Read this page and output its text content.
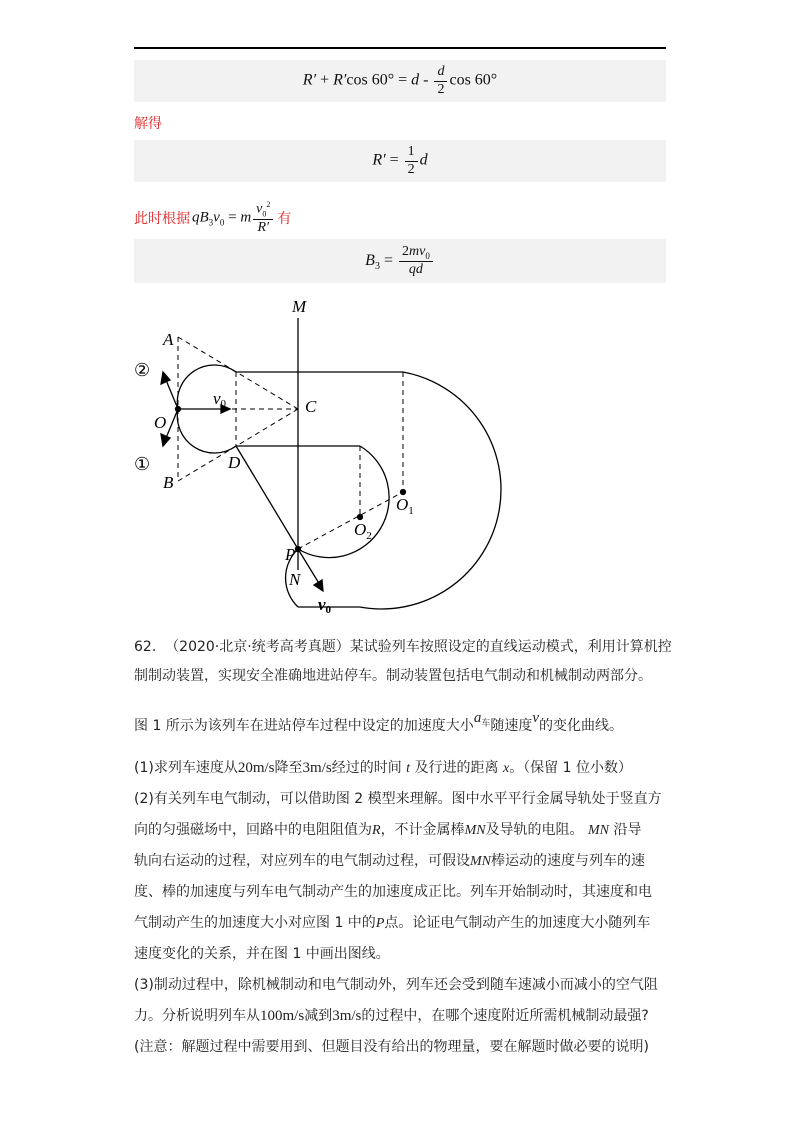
R′ + R′cos $60^\circ = d - \frac{d}{2}$ cos 60°
解得
$R' = \frac{1}{2}$ d
此时根据 $qB_3v_0 = m \frac{v_0^2}{R'}$ 有
$B_3 = \frac{2mv_0}{qd}$
M
N
A
B
C
D
O
$O_1$
$O_2$
P
v0
v0
②
①
62. （2020·北京·统考高考真题）某试验列车按照设定的直线运动模式，利用计算机控
制制动装置，实现安全准确地进站停车。制动装置包括电气制动和机械制动两部分。
图 1 所示为该列车在进站停车过程中设定的加速度大小$a_车$随速度v的变化曲线。
(1)求列车速度从20m/s降至3m/s经过的时间 t 及行进的距离 x。（保留 1 位小数）
(2)有关列车电气制动，可以借助图 2 模型来理解。图中水平平行金属导轨处于竖直方
向的匀强磁场中，回路中的电阻阻值为R，不计金属棒MN及导轨的电阻。 MN 沿导
轨向右运动的过程，对应列车的电气制动过程，可假设MN棒运动的速度与列车的速
度、棒的加速度与列车电气制动产生的加速度成正比。列车开始制动时，其速度和电
气制动产生的加速度大小对应图 1 中的P点。论证电气制动产生的加速度大小随列车
速度变化的关系，并在图 1 中画出图线。
(3)制动过程中，除机械制动和电气制动外，列车还会受到随车速减小而减小的空气阻
力。分析说明列车从100m/s减到3m/s的过程中，在哪个速度附近所需机械制动最强?
(注意：解题过程中需要用到、但题目没有给出的物理量，要在解题时做必要的说明)
